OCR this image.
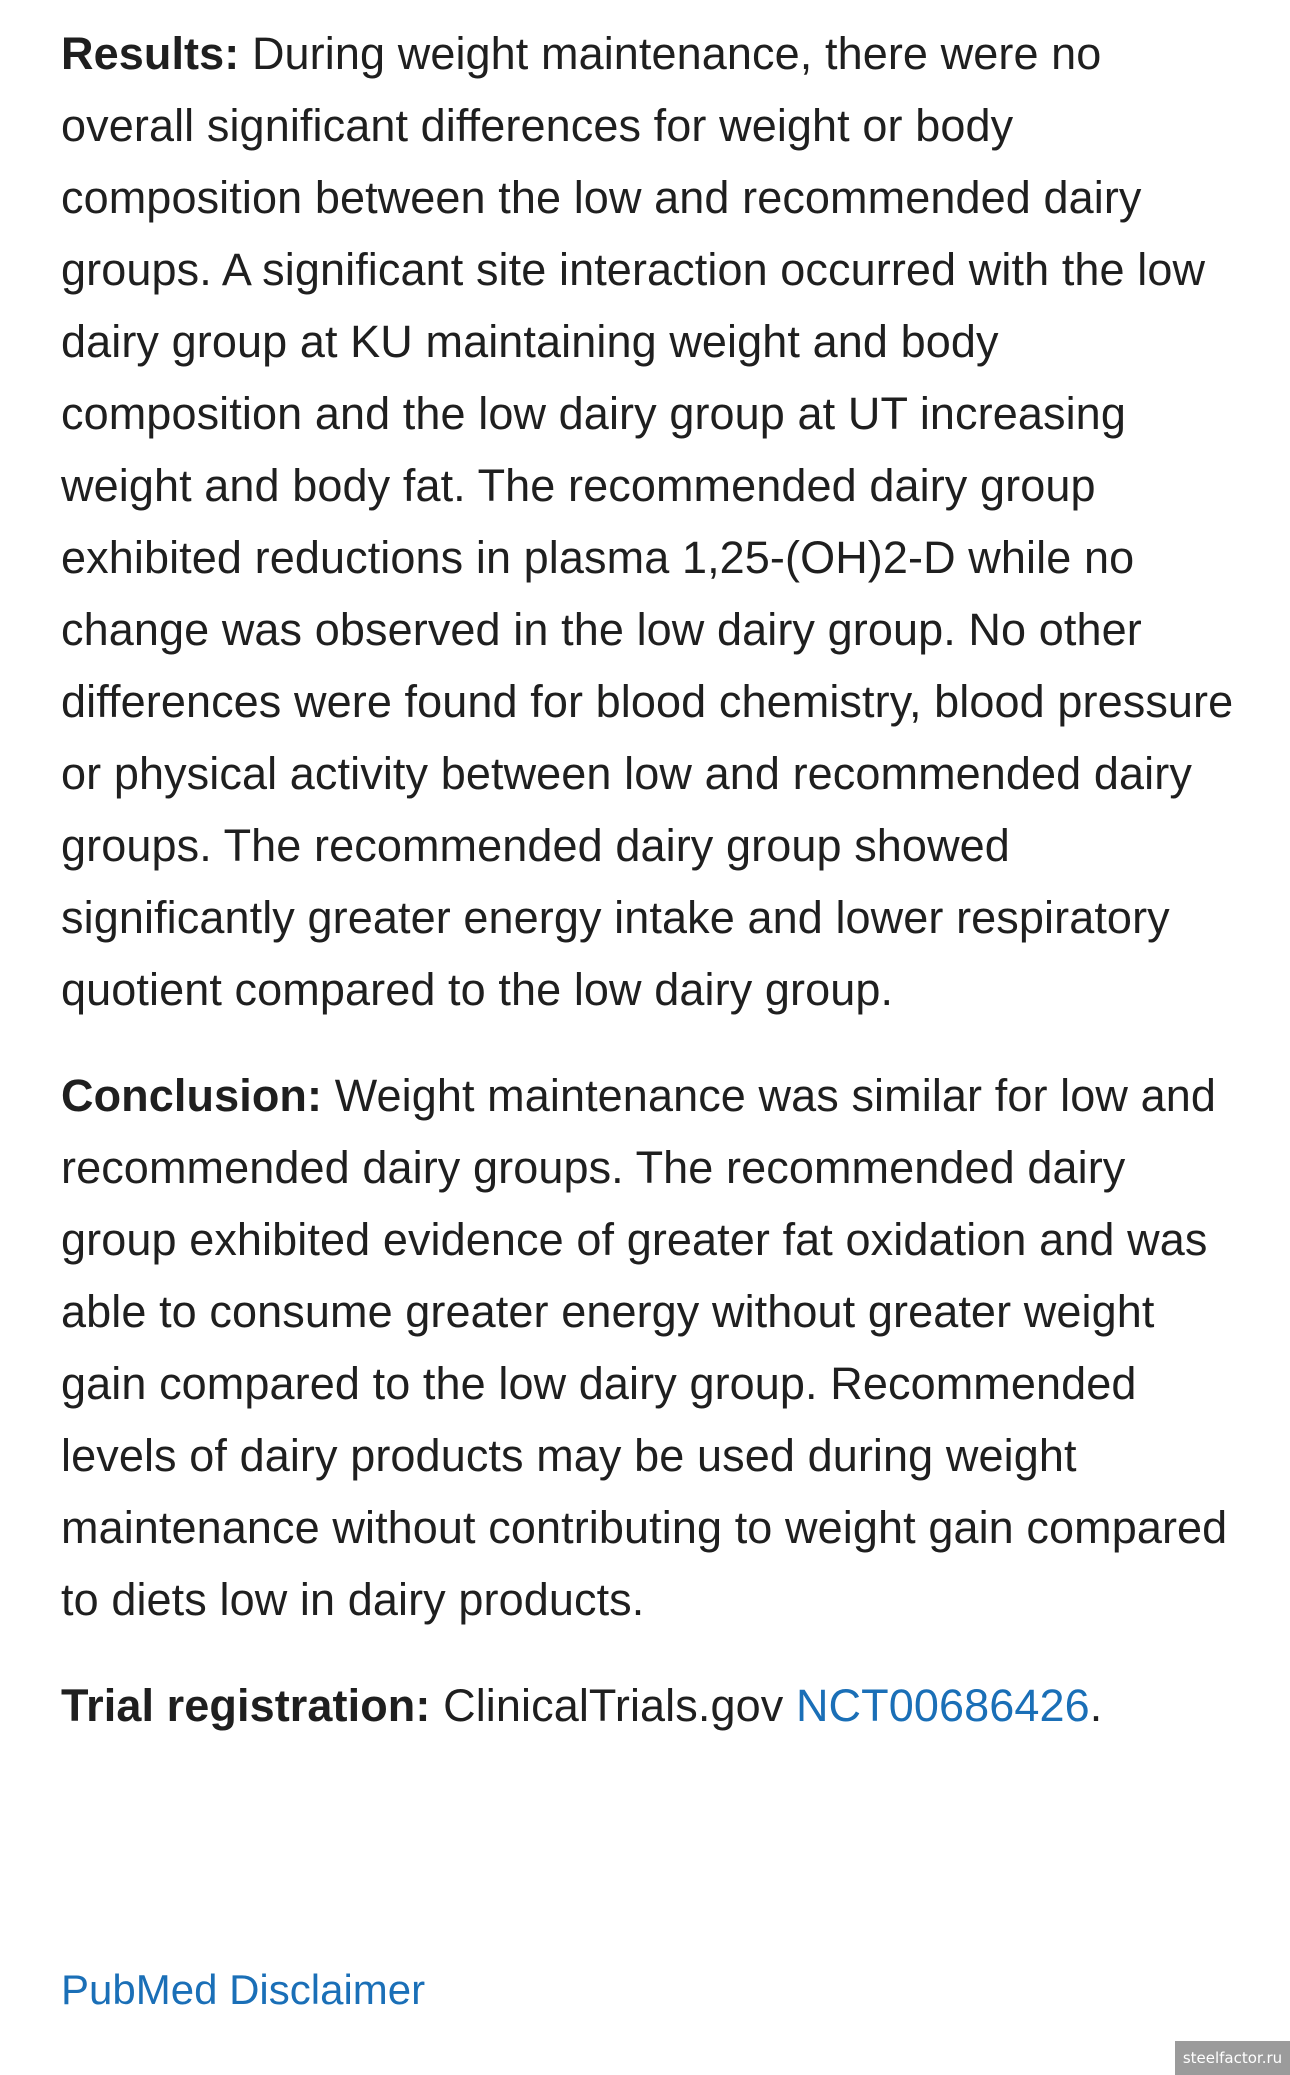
Results: During weight maintenance, there were no overall significant differences for weight or body composition between the low and recommended dairy groups. A significant site interaction occurred with the low dairy group at KU maintaining weight and body composition and the low dairy group at UT increasing weight and body fat. The recommended dairy group exhibited reductions in plasma 1,25-(OH)2-D while no change was observed in the low dairy group. No other differences were found for blood chemistry, blood pressure or physical activity between low and recommended dairy groups. The recommended dairy group showed significantly greater energy intake and lower respiratory quotient compared to the low dairy group.

Conclusion: Weight maintenance was similar for low and recommended dairy groups. The recommended dairy group exhibited evidence of greater fat oxidation and was able to consume greater energy without greater weight gain compared to the low dairy group. Recommended levels of dairy products may be used during weight maintenance without contributing to weight gain compared to diets low in dairy products.

Trial registration: ClinicalTrials.gov NCT00686426.

PubMed Disclaimer
steelfactor.ru
